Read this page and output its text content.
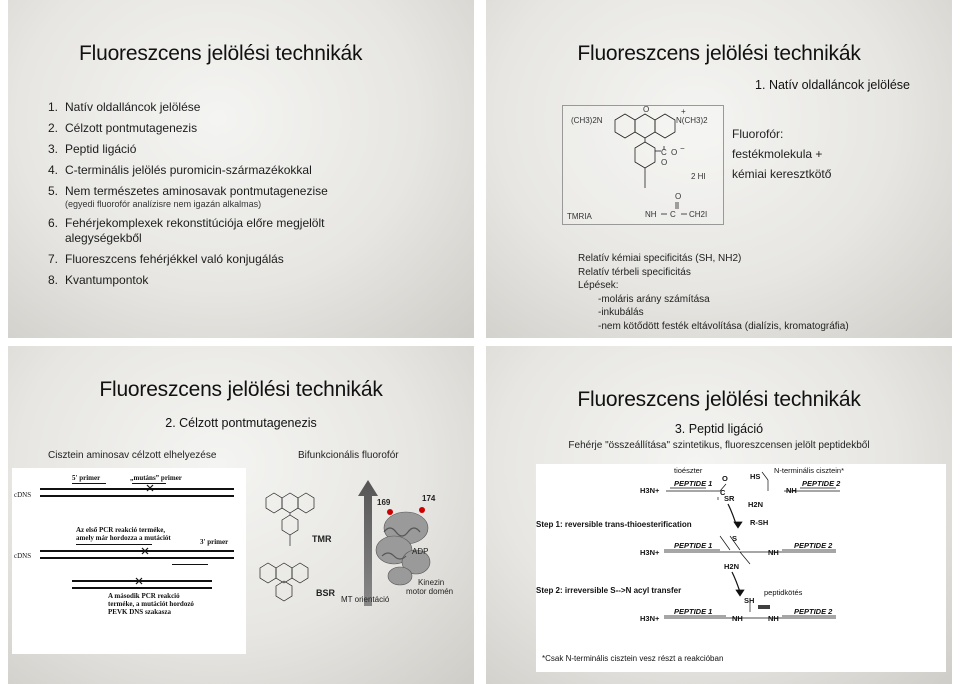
Fluoreszcens jelölési technikák
1. Natív oldalláncok jelölése
2. Célzott pontmutagenezis
3. Peptid ligáció
4. C-terminális jelölés puromicin-származékokkal
5. Nem természetes aminosavak pontmutagenezise
(egyedi fluorofór analízisre nem igazán alkalmas)
6. Fehérjekomplexek rekonstitúciója előre megjelölt
alegységekből
7. Fluoreszcens fehérjékkel való konjugálás
8. Kvantumpontok
Fluoreszcens jelölési technikák
1. Natív oldalláncok jelölése
(CH3)2N	N(CH3)2
+
O
C O −
O
O
NH C CH2I
2 HI
TMRIA
Fluorofór:
festékmolekula +
kémiai keresztkötő
Relatív kémiai specificitás (SH, NH2)
Relatív térbeli specificitás
Lépések:
-moláris arány számítása
-inkubálás
-nem kötődött festék eltávolítása (dialízis, kromatográfia)
Fluoreszcens jelölési technikák
2. Célzott pontmutagenezis
Cisztein aminosav célzott elhelyezése	Bifunkcionális fluorofór
cDNS
5' primer	„mutáns” primer
Az első PCR reakció terméke,
amely már hordozza a mutációt	3' primer
cDNS
A második PCR reakció
terméke, a mutációt hordozó
PEVK DNS szakasza
TMR
BSR
169	174
ADP
MT orientáció
Kinezin
motor domén
Fluoreszcens jelölési technikák
3. Peptid ligáció
Fehérje "összeállítása" szintetikus, fluoreszcensen jelölt peptidekből
tioészter	N-terminális cisztein*
H3N+
PEPTIDE 1
C
O
SR
HS
H2N
NH
PEPTIDE 2
R-SH
Step 1: reversible trans-thioesterification
H3N+
PEPTIDE 1
S
H2N
NH
PEPTIDE 2
Step 2: irreversible S-->N acyl transfer	peptidkötés
H3N+
PEPTIDE 1
NH
SH
NH
PEPTIDE 2
*Csak N-terminális cisztein vesz részt a reakcióban
